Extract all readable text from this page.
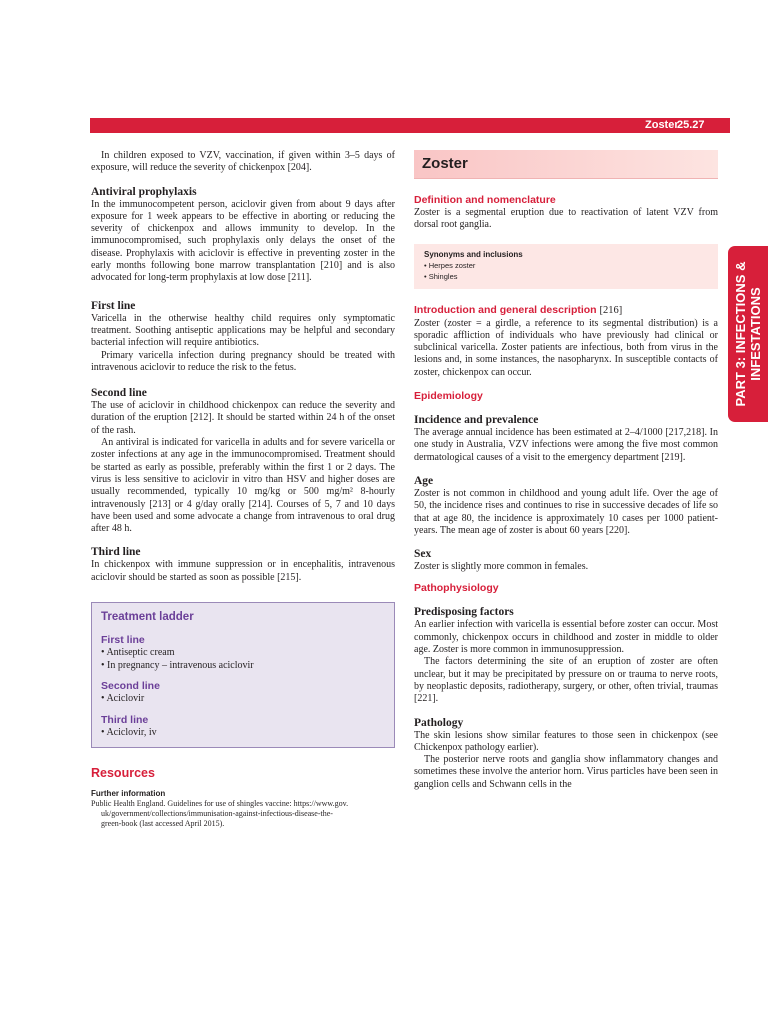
Zoster
25.27
PART 3: INFECTIONS & INFESTATIONS

In children exposed to VZV, vaccination, if given within 3–5 days of exposure, will reduce the severity of chickenpox [204].

Antiviral prophylaxis

In the immunocompetent person, aciclovir given from about 9 days after exposure for 1 week appears to be effective in aborting or reducing the severity of chickenpox and allows immunity to develop. In the immunocompromised, such prophylaxis only delays the onset of the disease. Prophylaxis with aciclovir is effective in preventing zoster in the early months following bone marrow transplantation [210] and is also advocated for long-term prophylaxis at low dose [211].

First line

Varicella in the otherwise healthy child requires only symptomatic treatment. Soothing antiseptic applications may be helpful and secondary bacterial infection will require antibiotics.

Primary varicella infection during pregnancy should be treated with intravenous aciclovir to reduce the risk to the fetus.

Second line

The use of aciclovir in childhood chickenpox can reduce the severity and duration of the eruption [212]. It should be started within 24 h of the onset of the rash.

An antiviral is indicated for varicella in adults and for severe varicella or zoster infections at any age in the immunocompromised. Treatment should be started as early as possible, preferably within the first 1 or 2 days. The virus is less sensitive to aciclovir in vitro than HSV and higher doses are usually recommended, typically 10 mg/kg or 500 mg/m² 8-hourly intravenously [213] or 4 g/day orally [214]. Courses of 5, 7 and 10 days have been used and some advocate a change from intravenous to oral drug after 48 h.

Third line

In chickenpox with immune suppression or in encephalitis, intravenous aciclovir should be started as soon as possible [215].

Treatment ladder
First line
• Antiseptic cream
• In pregnancy – intravenous aciclovir
Second line
• Aciclovir
Third line
• Aciclovir, iv
Resources
Further information
Public Health England. Guidelines for use of shingles vaccine: https://www.gov.
uk/government/collections/immunisation-against-infectious-disease-the-
green-book (last accessed April 2015).
Zoster
Definition and nomenclature

Zoster is a segmental eruption due to reactivation of latent VZV from dorsal root ganglia.

Synonyms and inclusions
• Herpes zoster
• Shingles
Introduction and general description [216]

Zoster (zoster = a girdle, a reference to its segmental distribution) is a sporadic affliction of individuals who have previously had clinical or subclinical varicella. Zoster patients are infectious, both from virus in the lesions and, in some instances, the nasopharynx. In susceptible contacts of zoster, chickenpox can occur.

Epidemiology
Incidence and prevalence

The average annual incidence has been estimated at 2–4/1000 [217,218]. In one study in Australia, VZV infections were among the five most common dermatological causes of a visit to the emergency department [219].

Age

Zoster is not common in childhood and young adult life. Over the age of 50, the incidence rises and continues to rise in successive decades of life so that at age 80, the incidence is approximately 10 cases per 1000 patient-years. The mean age of zoster is about 60 years [220].

Sex

Zoster is slightly more common in females.

Pathophysiology
Predisposing factors

An earlier infection with varicella is essential before zoster can occur. Most commonly, chickenpox occurs in childhood and zoster in middle to older age. Zoster is more common in immunosuppression.

The factors determining the site of an eruption of zoster are often unclear, but it may be precipitated by pressure on or trauma to nerve roots, by neoplastic deposits, radiotherapy, surgery, or other, often trivial, traumas [221].

Pathology

The skin lesions show similar features to those seen in chickenpox (see Chickenpox pathology earlier).

The posterior nerve roots and ganglia show inflammatory changes and sometimes these involve the anterior horn. Virus particles have been seen in ganglion cells and Schwann cells in the
